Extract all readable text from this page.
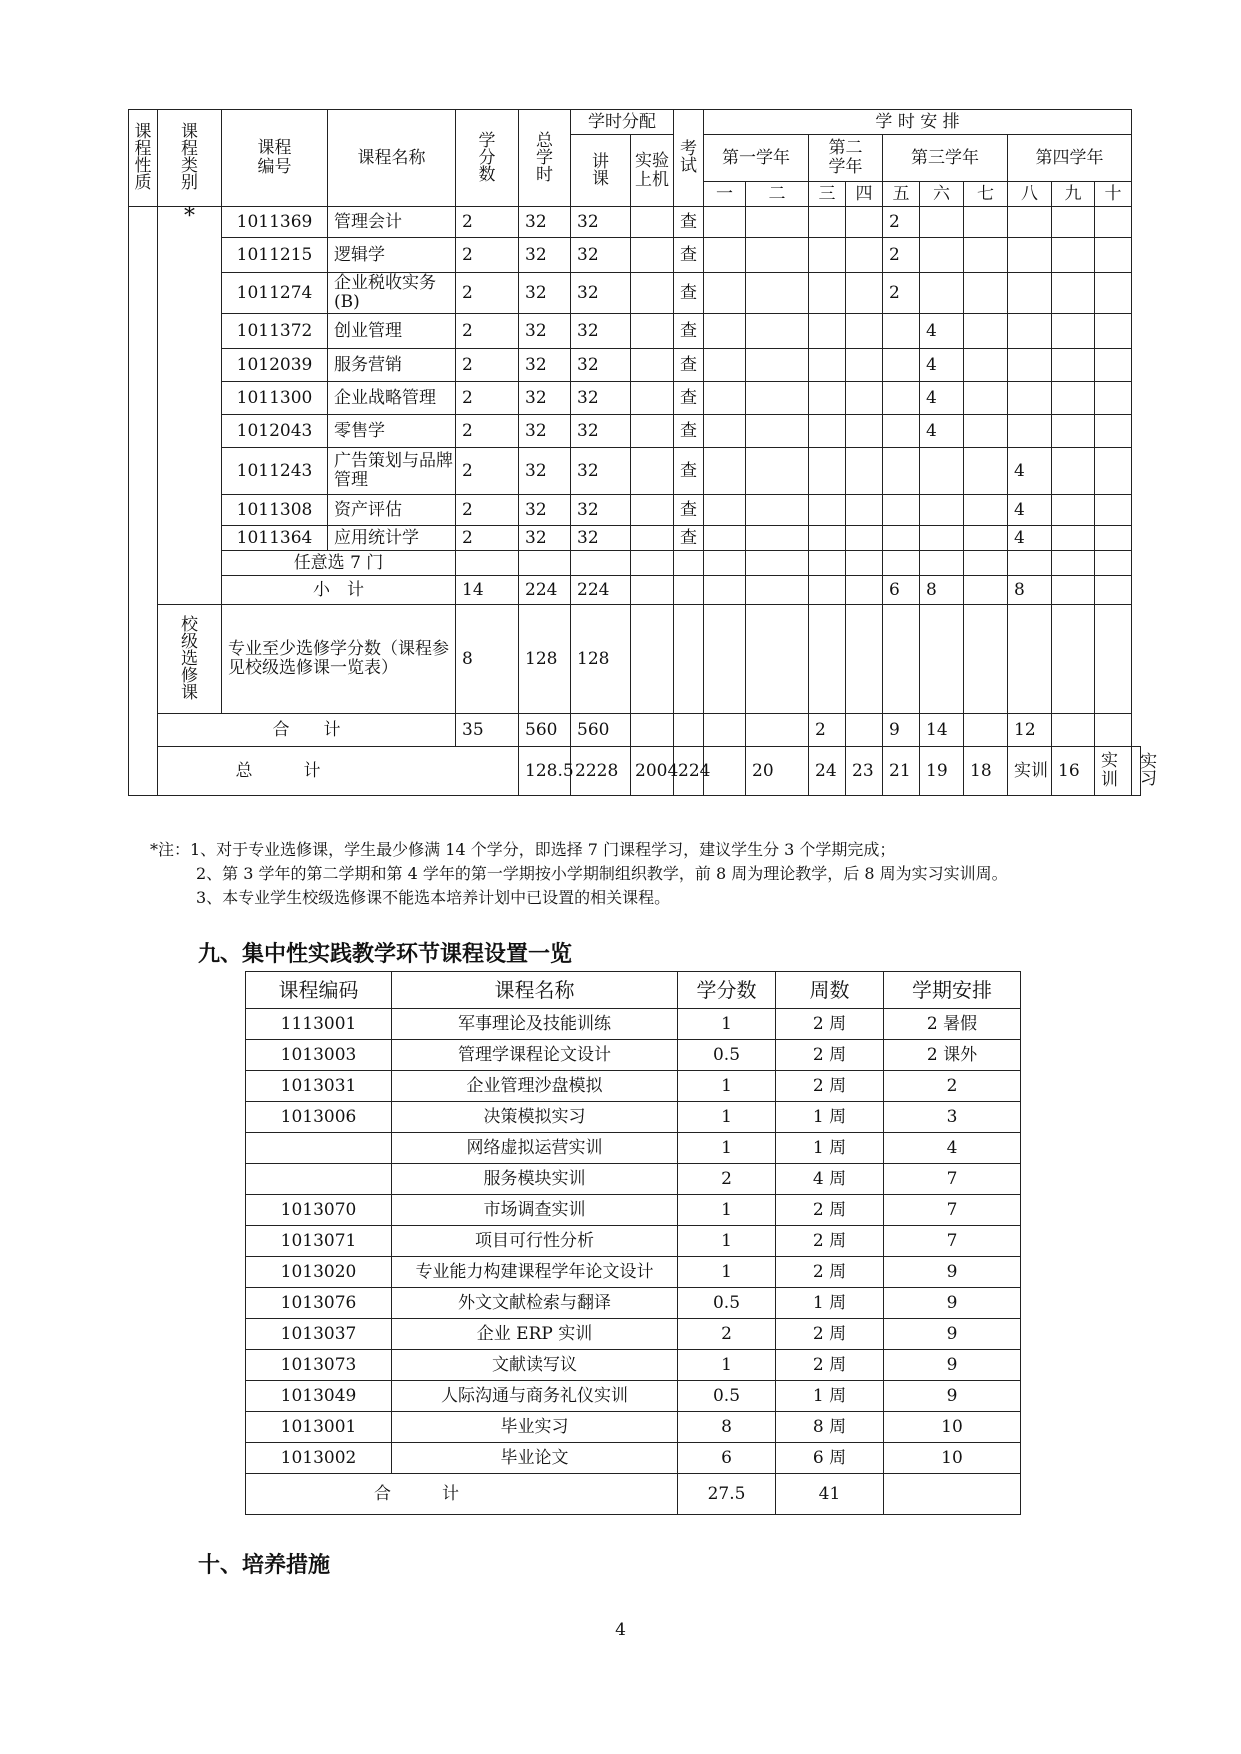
课程性质	课程类别	课程编号	课程名称	学分数	总学时	学时分配		考试	学 时 安 排										
						讲课	实验上机		第一学年		第二学年		第三学年			第四学年			
									一	二	三	四	五	六	七	八	九	十	
	*	1011369	管理会计	2	32	32		查					2						
		1011215	逻辑学	2	32	32		查					2						
		1011274	企业税收实务(B)	2	32	32		查					2						
		1011372	创业管理	2	32	32		查						4					
		1012039	服务营销	2	32	32		查						4					
		1011300	企业战略管理	2	32	32		查						4					
		1012043	零售学	2	32	32		查						4					
		1011243	广告策划与品牌管理	2	32	32		查								4			
		1011308	资产评估	2	32	32		查								4			
		1011364	应用统计学	2	32	32		查								4			
		任意选 7 门																	
		小　计		14	224	224							6	8		8			
	校级选修课	专业至少选修学分数（课程参见校级选修课一览表）		8	128	128													
	合　　计			35	560	560					2		9	14		12			
	总　　　计				128.5	2228	2004	224		20	24	23	21	19	18	实训	16	实训	实习
*注：1、对于专业选修课，学生最少修满 14 个学分，即选择 7 门课程学习，建议学生分 3 个学期完成；
2、第 3 学年的第二学期和第 4 学年的第一学期按小学期制组织教学，前 8 周为理论教学，后 8 周为实习实训周。
3、本专业学生校级选修课不能选本培养计划中已设置的相关课程。
九、集中性实践教学环节课程设置一览
课程编码	课程名称	学分数	周数	学期安排
1113001	军事理论及技能训练	1	2 周	2 暑假
1013003	管理学课程论文设计	0.5	2 周	2 课外
1013031	企业管理沙盘模拟	1	2 周	2
1013006	决策模拟实习	1	1 周	3
	网络虚拟运营实训	1	1 周	4
	服务模块实训	2	4 周	7
1013070	市场调查实训	1	2 周	7
1013071	项目可行性分析	1	2 周	7
1013020	专业能力构建课程学年论文设计	1	2 周	9
1013076	外文文献检索与翻译	0.5	1 周	9
1013037	企业 ERP 实训	2	2 周	9
1013073	文献读写议	1	2 周	9
1013049	人际沟通与商务礼仪实训	0.5	1 周	9
1013001	毕业实习	8	8 周	10
1013002	毕业论文	6	6 周	10
合　　　计		27.5	41	
十、培养措施
4
